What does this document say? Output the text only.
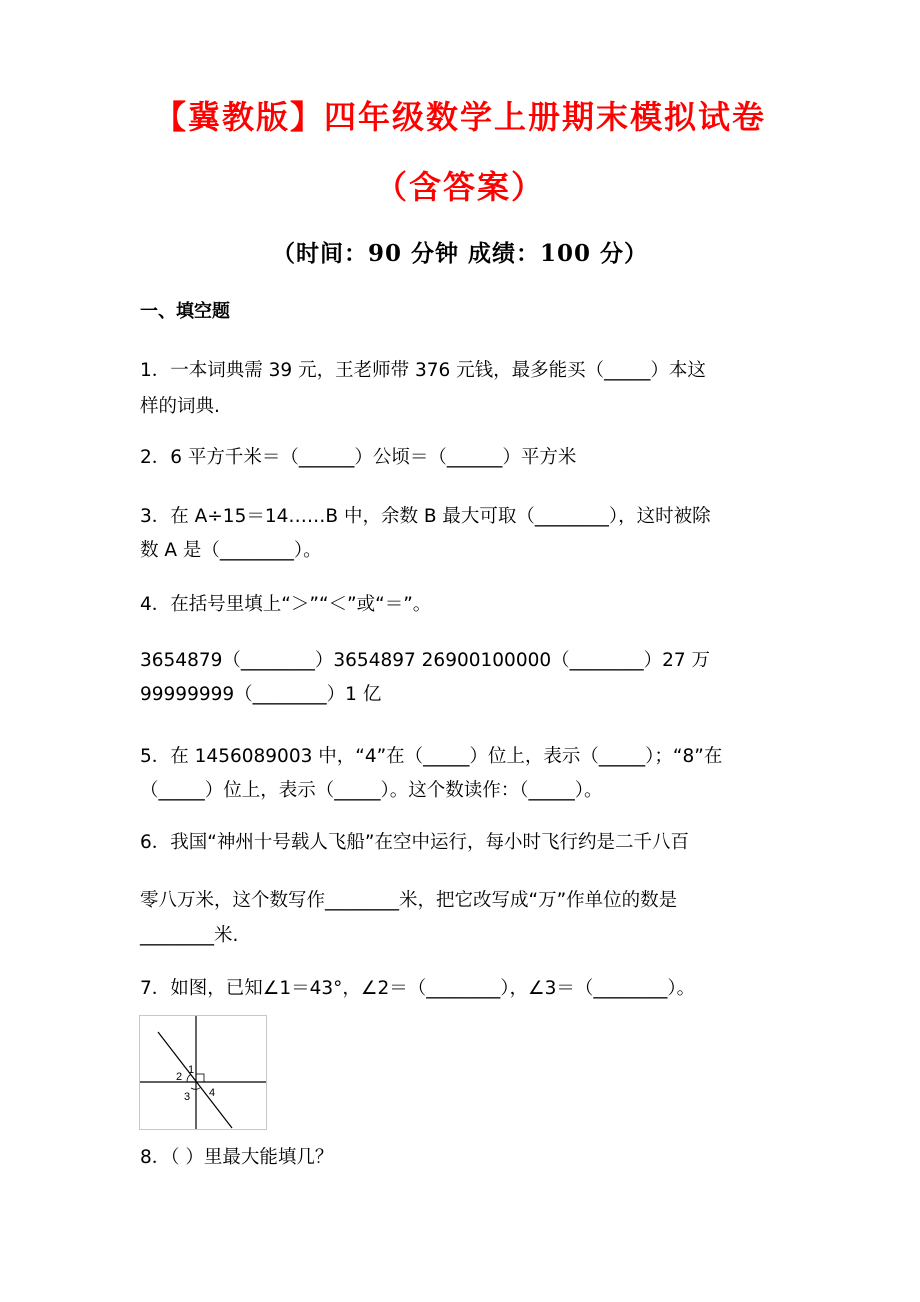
【冀教版】四年级数学上册期末模拟试卷
（含答案）
（时间：90 分钟 成绩：100 分）
一、填空题
1．一本词典需 39 元，王老师带 376 元钱，最多能买（_____）本这
样的词典.
2．6 平方千米＝（______）公顷＝（______）平方米
3．在 A÷15＝14……B 中，余数 B 最大可取（________），这时被除
数 A 是（________）。
4．在括号里填上“＞”“＜”或“＝”。
3654879（________）3654897 26900100000（________）27 万
99999999（________）1 亿
5．在 1456089003 中，“4”在（_____）位上，表示（_____）；“8”在
（_____）位上，表示（_____）。这个数读作：（_____）。
6．我国“神州十号载人飞船”在空中运行，每小时飞行约是二千八百
零八万米，这个数写作________米，把它改写成“万”作单位的数是
________米.
7．如图，已知∠1＝43°，∠2＝（________），∠3＝（________）。
1
2
3 4
8．（ ）里最大能填几？
